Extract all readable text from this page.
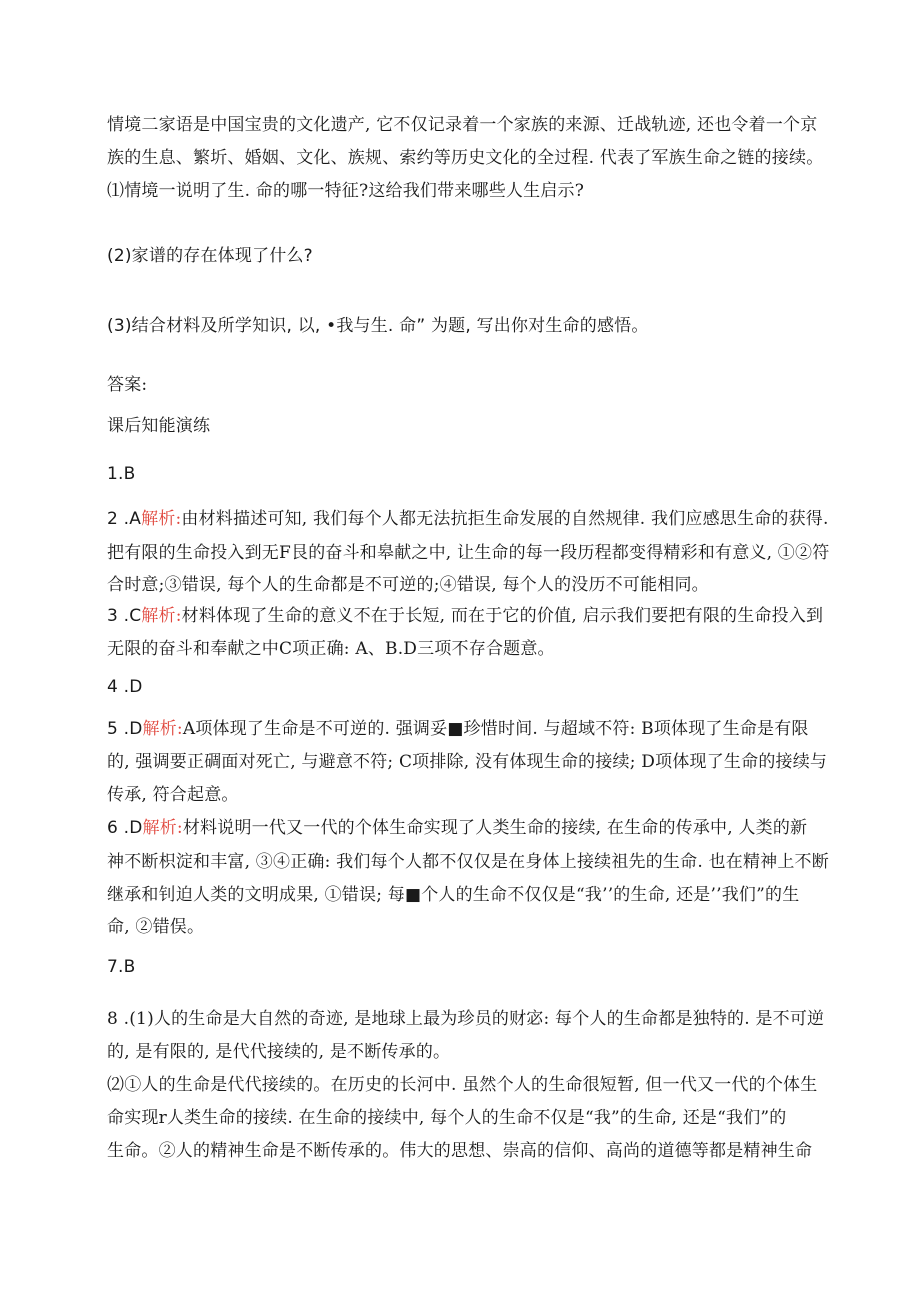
情境二家语是中国宝贵的文化遗产, 它不仅记录着一个家族的来源、迁战轨迹, 还也令着一个京
族的生息、繁圻、婚姻、文化、族规、索约等历史文化的全过程. 代表了军族生命之链的接续。
⑴情境一说明了生. 命的哪一特征?这给我们带来哪些人生启示?
(2)家谱的存在体现了什么?
(3)结合材料及所学知识, 以, •我与生. 命” 为题, 写出你对生命的感悟。
答案:
课后知能演练
1.B
2 .A解析:由材料描述可知, 我们每个人都无法抗拒生命发展的自然规律. 我们应感思生命的获得.
把有限的生命投入到无F艮的奋斗和皋献之中, 让生命的每一段历程都变得精彩和有意义, ①②符
合时意;③错误, 每个人的生命都是不可逆的;④错误, 每个人的没历不可能相同。
3 .C解析:材料体现了生命的意义不在于长短, 而在于它的价值, 启示我们要把有限的生命投入到
无限的奋斗和奉献之中C项正确: A、B.D三项不存合题意。
4 .D
5 .D解析:A项体现了生命是不可逆的. 强调妥■珍惜时间. 与超域不符: B项体现了生命是有限
的, 强调要正碉面对死亡, 与避意不符; C项排除, 没有体现生命的接续; D项体现了生命的接续与
传承, 符合起意。
6 .D解析:材料说明一代又一代的个体生命实现了人类生命的接续, 在生命的传承中, 人类的新
神不断枳淀和丰富, ③④正确: 我们每个人都不仅仅是在身体上接续祖先的生命. 也在精神上不断
继承和钊迫人类的文明成果, ①错误; 每■个人的生命不仅仅是“我’’的生命, 还是’’我们”的生
命, ②错俣。
7.B
8 .(1)人的生命是大自然的奇迹, 是地球上最为珍员的财宓: 每个人的生命都是独特的. 是不可逆
的, 是有限的, 是代代接续的, 是不断传承的。
⑵①人的生命是代代接续的。在历史的长河中. 虽然个人的生命很短暂, 但一代又一代的个体生
命实现r人类生命的接续. 在生命的接续中, 每个人的生命不仅是“我”的生命, 还是“我们”的
生命。②人的精神生命是不断传承的。伟大的思想、崇高的信仰、高尚的道德等都是精神生命
